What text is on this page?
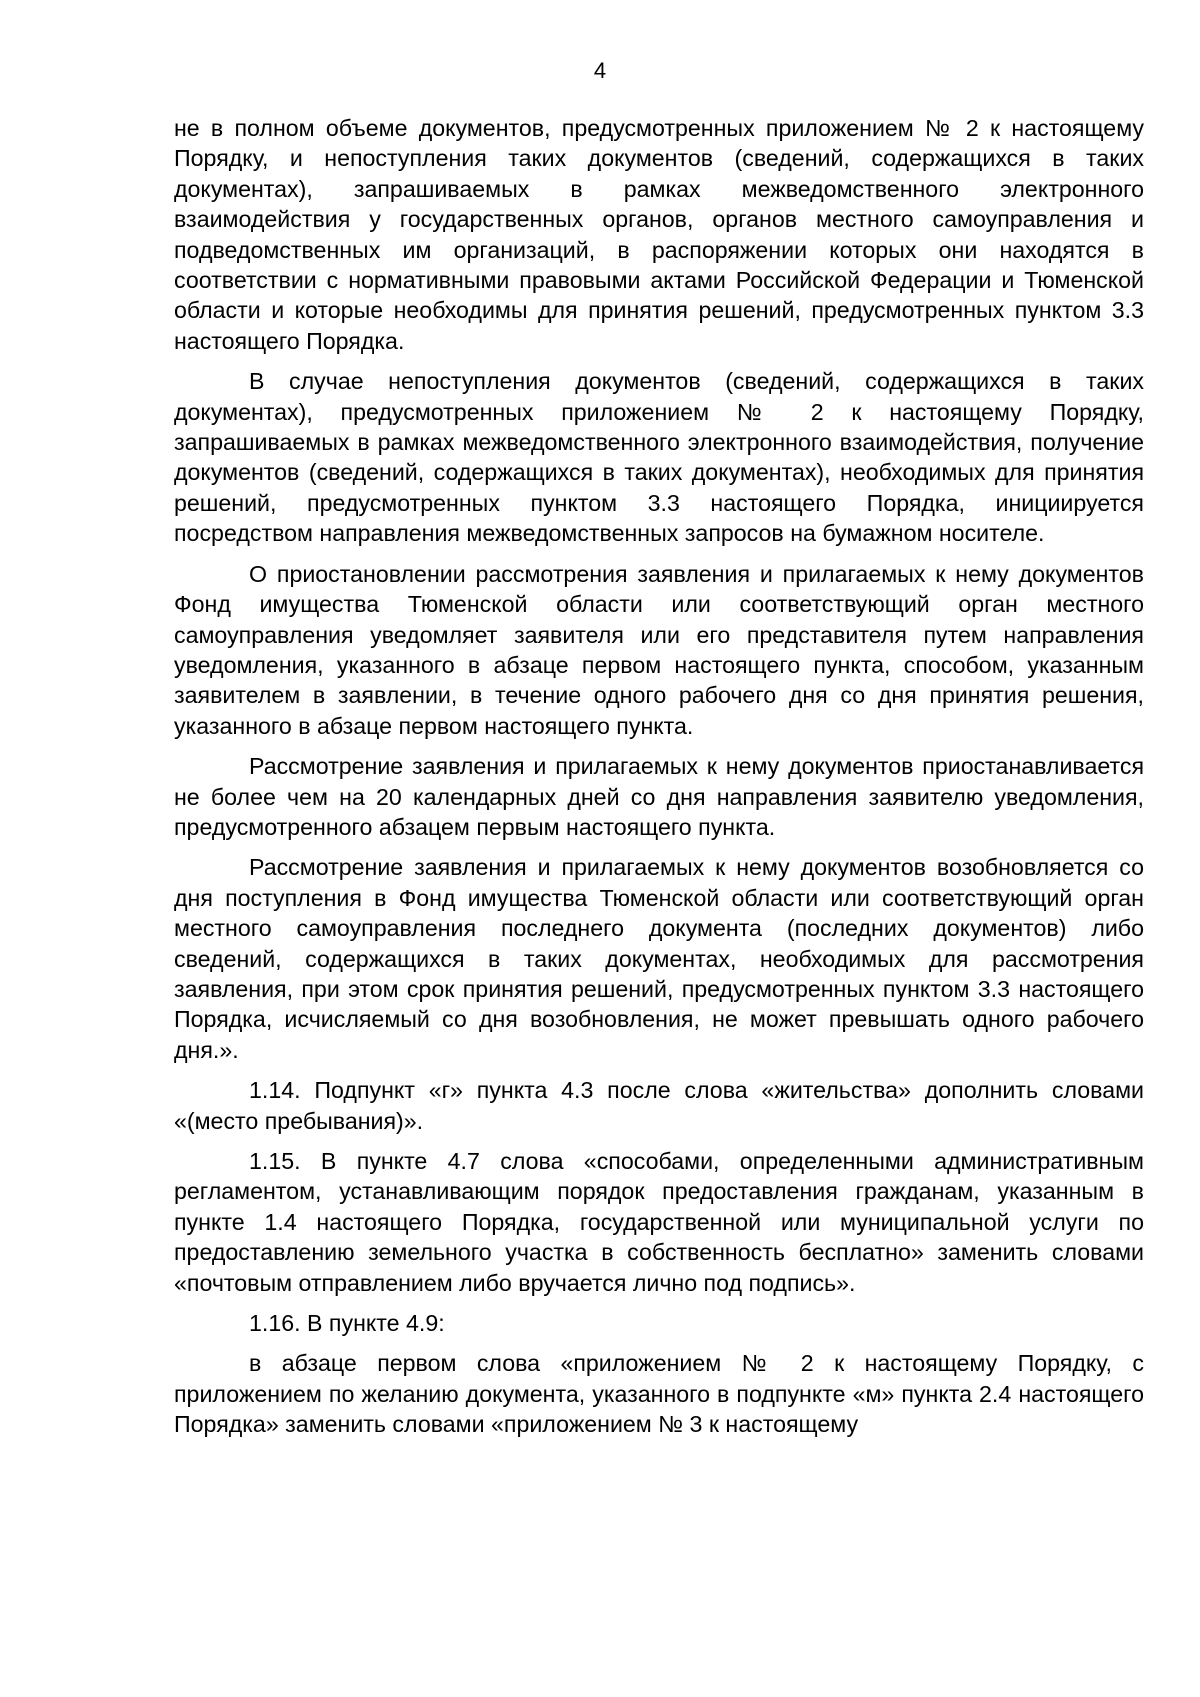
4

не в полном объеме документов, предусмотренных приложением № 2 к настоящему Порядку, и непоступления таких документов (сведений, содержащихся в таких документах), запрашиваемых в рамках межведомственного электронного взаимодействия у государственных органов, органов местного самоуправления и подведомственных им организаций, в распоряжении которых они находятся в соответствии с нормативными правовыми актами Российской Федерации и Тюменской области и которые необходимы для принятия решений, предусмотренных пунктом 3.3 настоящего Порядка.

В случае непоступления документов (сведений, содержащихся в таких документах), предусмотренных приложением № 2 к настоящему Порядку, запрашиваемых в рамках межведомственного электронного взаимодействия, получение документов (сведений, содержащихся в таких документах), необходимых для принятия решений, предусмотренных пунктом 3.3 настоящего Порядка, инициируется посредством направления межведомственных запросов на бумажном носителе.

О приостановлении рассмотрения заявления и прилагаемых к нему документов Фонд имущества Тюменской области или соответствующий орган местного самоуправления уведомляет заявителя или его представителя путем направления уведомления, указанного в абзаце первом настоящего пункта, способом, указанным заявителем в заявлении, в течение одного рабочего дня со дня принятия решения, указанного в абзаце первом настоящего пункта.

Рассмотрение заявления и прилагаемых к нему документов приостанавливается не более чем на 20 календарных дней со дня направления заявителю уведомления, предусмотренного абзацем первым настоящего пункта.

Рассмотрение заявления и прилагаемых к нему документов возобновляется со дня поступления в Фонд имущества Тюменской области или соответствующий орган местного самоуправления последнего документа (последних документов) либо сведений, содержащихся в таких документах, необходимых для рассмотрения заявления, при этом срок принятия решений, предусмотренных пунктом 3.3 настоящего Порядка, исчисляемый со дня возобновления, не может превышать одного рабочего дня.».

1.14. Подпункт «г» пункта 4.3 после слова «жительства» дополнить словами «(место пребывания)».

1.15. В пункте 4.7 слова «способами, определенными административным регламентом, устанавливающим порядок предоставления гражданам, указанным в пункте 1.4 настоящего Порядка, государственной или муниципальной услуги по предоставлению земельного участка в собственность бесплатно» заменить словами «почтовым отправлением либо вручается лично под подпись».

1.16. В пункте 4.9:

в абзаце первом слова «приложением № 2 к настоящему Порядку, с приложением по желанию документа, указанного в подпункте «м» пункта 2.4 настоящего Порядка» заменить словами «приложением № 3 к настоящему
